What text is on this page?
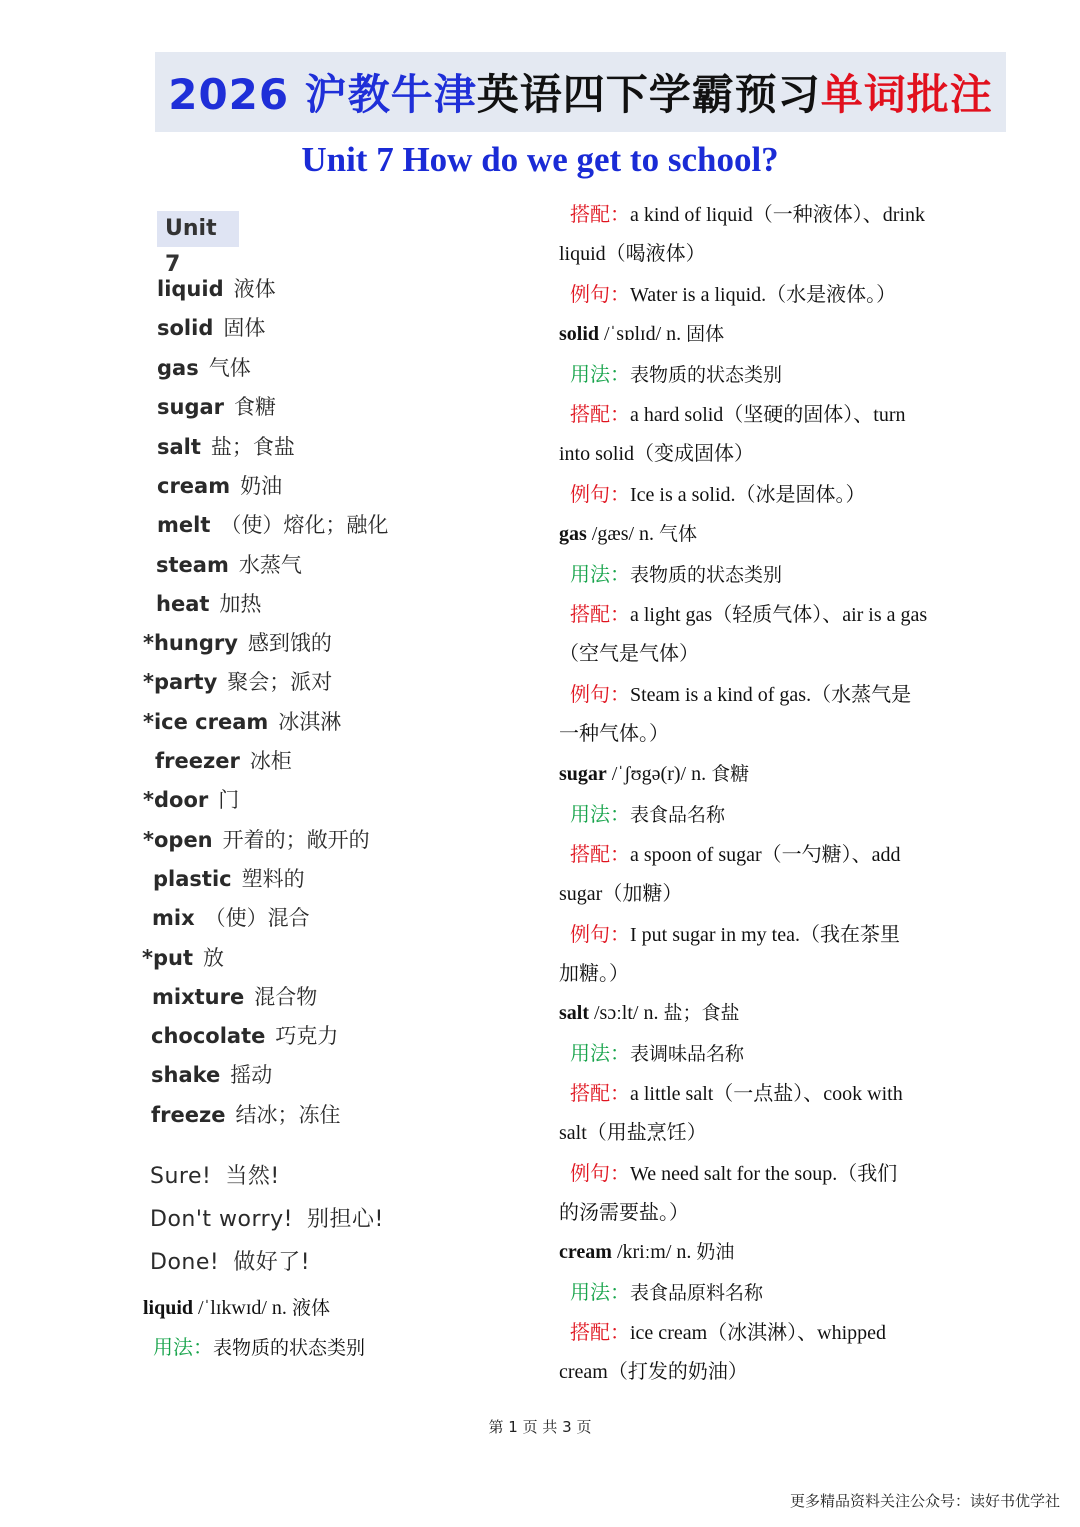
2026 沪教牛津 英语四下学霸预习 单词批注
Unit 7 How do we get to school?
Unit 7
liquid 液体
solid 固体
gas 气体
sugar 食糖
salt 盐；食盐
cream 奶油
melt （使）熔化；融化
steam 水蒸气
heat 加热
*hungry 感到饿的
*party 聚会；派对
*ice cream 冰淇淋
freezer 冰柜
*door 门
*open 开着的；敞开的
plastic 塑料的
mix （使）混合
*put 放
mixture 混合物
chocolate 巧克力
shake 摇动
freeze 结冰；冻住
Sure! 当然!
Don't worry! 别担心!
Done! 做好了!
liquid /ˈlɪkwɪd/ n. 液体
用法：表物质的状态类别
搭配：a kind of liquid（一种液体）、drink
liquid（喝液体）
例句：Water is a liquid.（水是液体。）
solid /ˈsɒlɪd/ n. 固体
用法：表物质的状态类别
搭配：a hard solid（坚硬的固体）、turn
into solid（变成固体）
例句：Ice is a solid.（冰是固体。）
gas /gæs/ n. 气体
用法：表物质的状态类别
搭配：a light gas（轻质气体）、air is a gas
（空气是气体）
例句：Steam is a kind of gas.（水蒸气是
一种气体。）
sugar /ˈʃʊgə(r)/ n. 食糖
用法：表食品名称
搭配：a spoon of sugar（一勺糖）、add
sugar（加糖）
例句：I put sugar in my tea.（我在茶里
加糖。）
salt /sɔːlt/ n. 盐；食盐
用法：表调味品名称
搭配：a little salt（一点盐）、cook with
salt（用盐烹饪）
例句：We need salt for the soup.（我们
的汤需要盐。）
cream /kriːm/ n. 奶油
用法：表食品原料名称
搭配：ice cream（冰淇淋）、whipped
cream（打发的奶油）
第 1 页 共 3 页
更多精品资料关注公众号：读好书优学社
